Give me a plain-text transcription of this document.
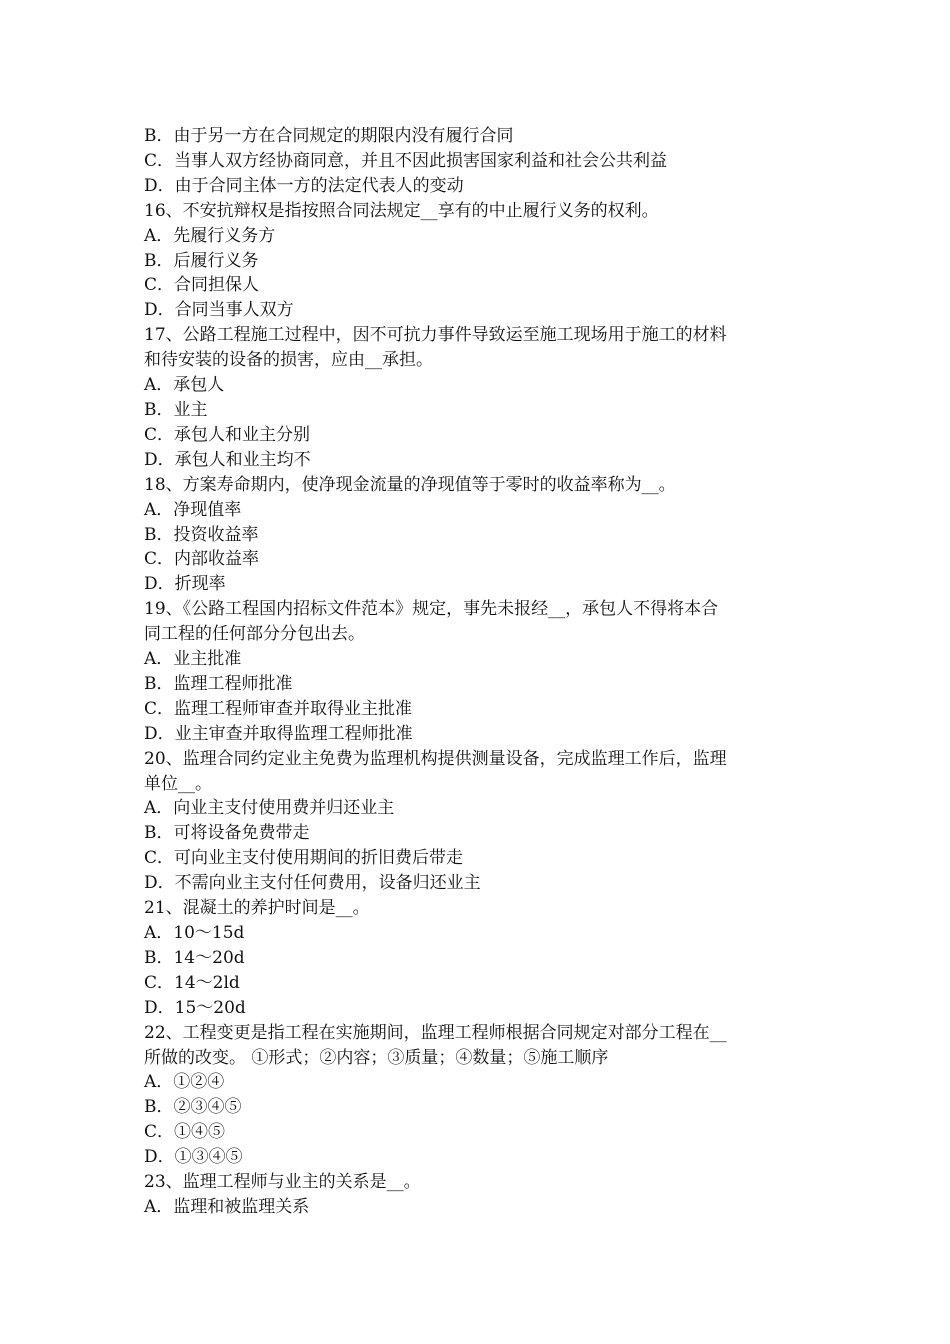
B．由于另一方在合同规定的期限内没有履行合同
C．当事人双方经协商同意，并且不因此损害国家利益和社会公共利益
D．由于合同主体一方的法定代表人的变动
16、不安抗辩权是指按照合同法规定__享有的中止履行义务的权利。
A．先履行义务方
B．后履行义务
C．合同担保人
D．合同当事人双方
17、公路工程施工过程中，因不可抗力事件导致运至施工现场用于施工的材料
和待安装的设备的损害，应由__承担。
A．承包人
B．业主
C．承包人和业主分别
D．承包人和业主均不
18、方案寿命期内，使净现金流量的净现值等于零时的收益率称为__。
A．净现值率
B．投资收益率
C．内部收益率
D．折现率
19、《公路工程国内招标文件范本》规定，事先未报经__，承包人不得将本合
同工程的任何部分分包出去。
A．业主批准
B．监理工程师批准
C．监理工程师审查并取得业主批准
D．业主审查并取得监理工程师批准
20、监理合同约定业主免费为监理机构提供测量设备，完成监理工作后，监理
单位__。
A．向业主支付使用费并归还业主
B．可将设备免费带走
C．可向业主支付使用期间的折旧费后带走
D．不需向业主支付任何费用，设备归还业主
21、混凝土的养护时间是__。
A．10～15d
B．14～20d
C．14～2ld
D．15～20d
22、工程变更是指工程在实施期间，监理工程师根据合同规定对部分工程在__
所做的改变。 ①形式；②内容；③质量；④数量；⑤施工顺序
A．①②④
B．②③④⑤
C．①④⑤
D．①③④⑤
23、监理工程师与业主的关系是__。
A．监理和被监理关系
